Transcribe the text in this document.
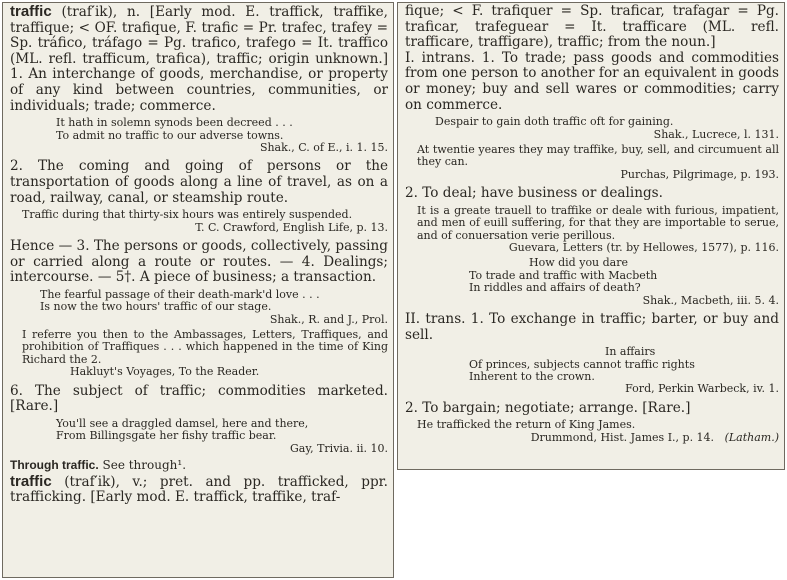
traffic (traf′ik), n. [Early mod. E. traffick, traffike, traffique; < OF. trafique, F. trafic = Pr. trafec, trafey = Sp. tráfico, tráfago = Pg. trafico, trafego = It. traffico (ML. refl. trafficum, trafica), traffic; origin unknown.] 1. An interchange of goods, merchandise, or property of any kind between countries, communities, or individuals; trade; commerce.

It hath in solemn synods been decreed . . .
To admit no traffic to our adverse towns.
Shak., C. of E., i. 1. 15.

2. The coming and going of persons or the transportation of goods along a line of travel, as on a road, railway, canal, or steamship route.

Traffic during that thirty-six hours was entirely suspended.

T. C. Crawford, English Life, p. 13.

Hence — 3. The persons or goods, collectively, passing or carried along a route or routes. — 4. Dealings; intercourse. — 5†. A piece of business; a transaction.

The fearful passage of their death-mark'd love . . .
Is now the two hours' traffic of our stage.
Shak., R. and J., Prol.

I referre you then to the Ambassages, Letters, Traffiques, and prohibition of Traffiques . . . which happened in the time of King Richard the 2.

Hakluyt's Voyages, To the Reader.

6. The subject of traffic; commodities marketed. [Rare.]

You'll see a draggled damsel, here and there,
From Billingsgate her fishy traffic bear.
Gay, Trivia. ii. 10.

Through traffic. See through¹.

traffic (traf′ik), v.; pret. and pp. trafficked, ppr. trafficking. [Early mod. E. traffick, traffike, traf-

fique; < F. trafiquer = Sp. traficar, trafagar = Pg. traficar, trafeguear = It. trafficare (ML. refl. trafficare, traffigare), traffic; from the noun.]

I. intrans. 1. To trade; pass goods and commodities from one person to another for an equivalent in goods or money; buy and sell wares or commodities; carry on commerce.

Despair to gain doth traffic oft for gaining.
Shak., Lucrece, l. 131.

At twentie yeares they may traffike, buy, sell, and circumuent all they can.

Purchas, Pilgrimage, p. 193.

2. To deal; have business or dealings.

It is a greate trauell to traffike or deale with furious, impatient, and men of euill suffering, for that they are importable to serue, and of conuersation verie perillous.

Guevara, Letters (tr. by Hellowes, 1577), p. 116.
How did you dare
To trade and traffic with Macbeth
In riddles and affairs of death?
Shak., Macbeth, iii. 5. 4.

II. trans. 1. To exchange in traffic; barter, or buy and sell.

In affairs
Of princes, subjects cannot traffic rights
Inherent to the crown.
Ford, Perkin Warbeck, iv. 1.

2. To bargain; negotiate; arrange. [Rare.]

He trafficked the return of King James.
Drummond, Hist. James I., p. 14. (Latham.)
